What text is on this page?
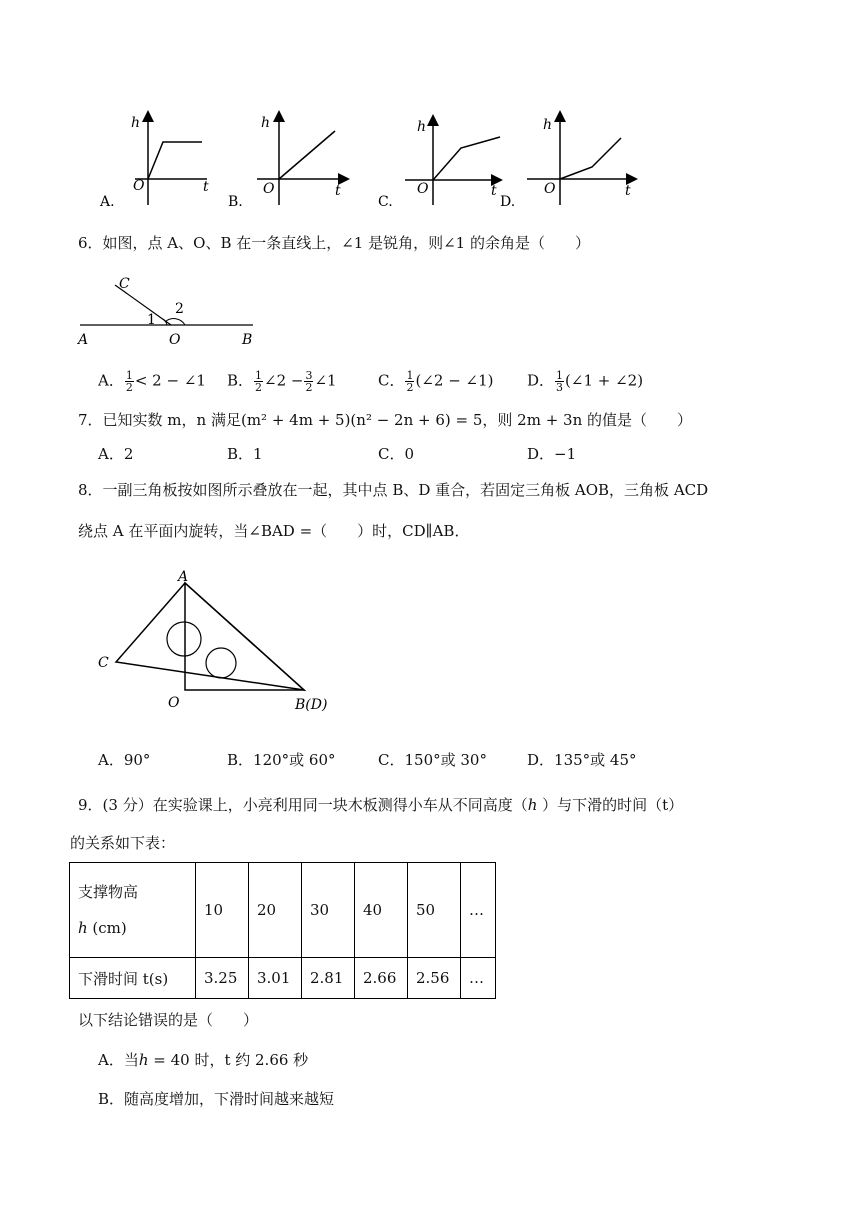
h
O	t
A.
h
O	t
B.
h
O	t
C.
h
O	t
D.
6．如图，点 A、O、B 在一条直线上，∠1 是锐角，则∠1 的余角是（　　）
C
2
1
A	O	B
A． $\frac{1}{2} < 2$ − ∠1 B． $\frac{1}{2}$ ∠2 − $\frac{3}{2}$ ∠1	C． $\frac{1}{2}$ (∠2 − ∠1) D． $\frac{1}{3}$ (∠1 + ∠2)
7．已知实数 m，n 满足(m² + 4m + 5)(n² − 2n + 6) = 5，则 2m + 3n 的值是（　　）
A．2	B．1	C．0	D．−1
8．一副三角板按如图所示叠放在一起，其中点 B、D 重合，若固定三角板 AOB，三角板 ACD
绕点 A 在平面内旋转，当∠BAD =（　　）时，CD∥AB．
A
C
O	B(D)
A．90°	B．120°或 60°	C．150°或 30°	D．135°或 45°
9．(3 分）在实验课上，小亮利用同一块木板测得小车从不同高度（ℎ ）与下滑的时间（t）
的关系如下表：
支撑物高
ℎ (cm)	10	20	30	40	50	…
下滑时间 t(s)	3.25	3.01	2.81	2.66	2.56	…
以下结论错误的是（　　）
A．当ℎ = 40 时，t 约 2.66 秒
B．随高度增加，下滑时间越来越短
